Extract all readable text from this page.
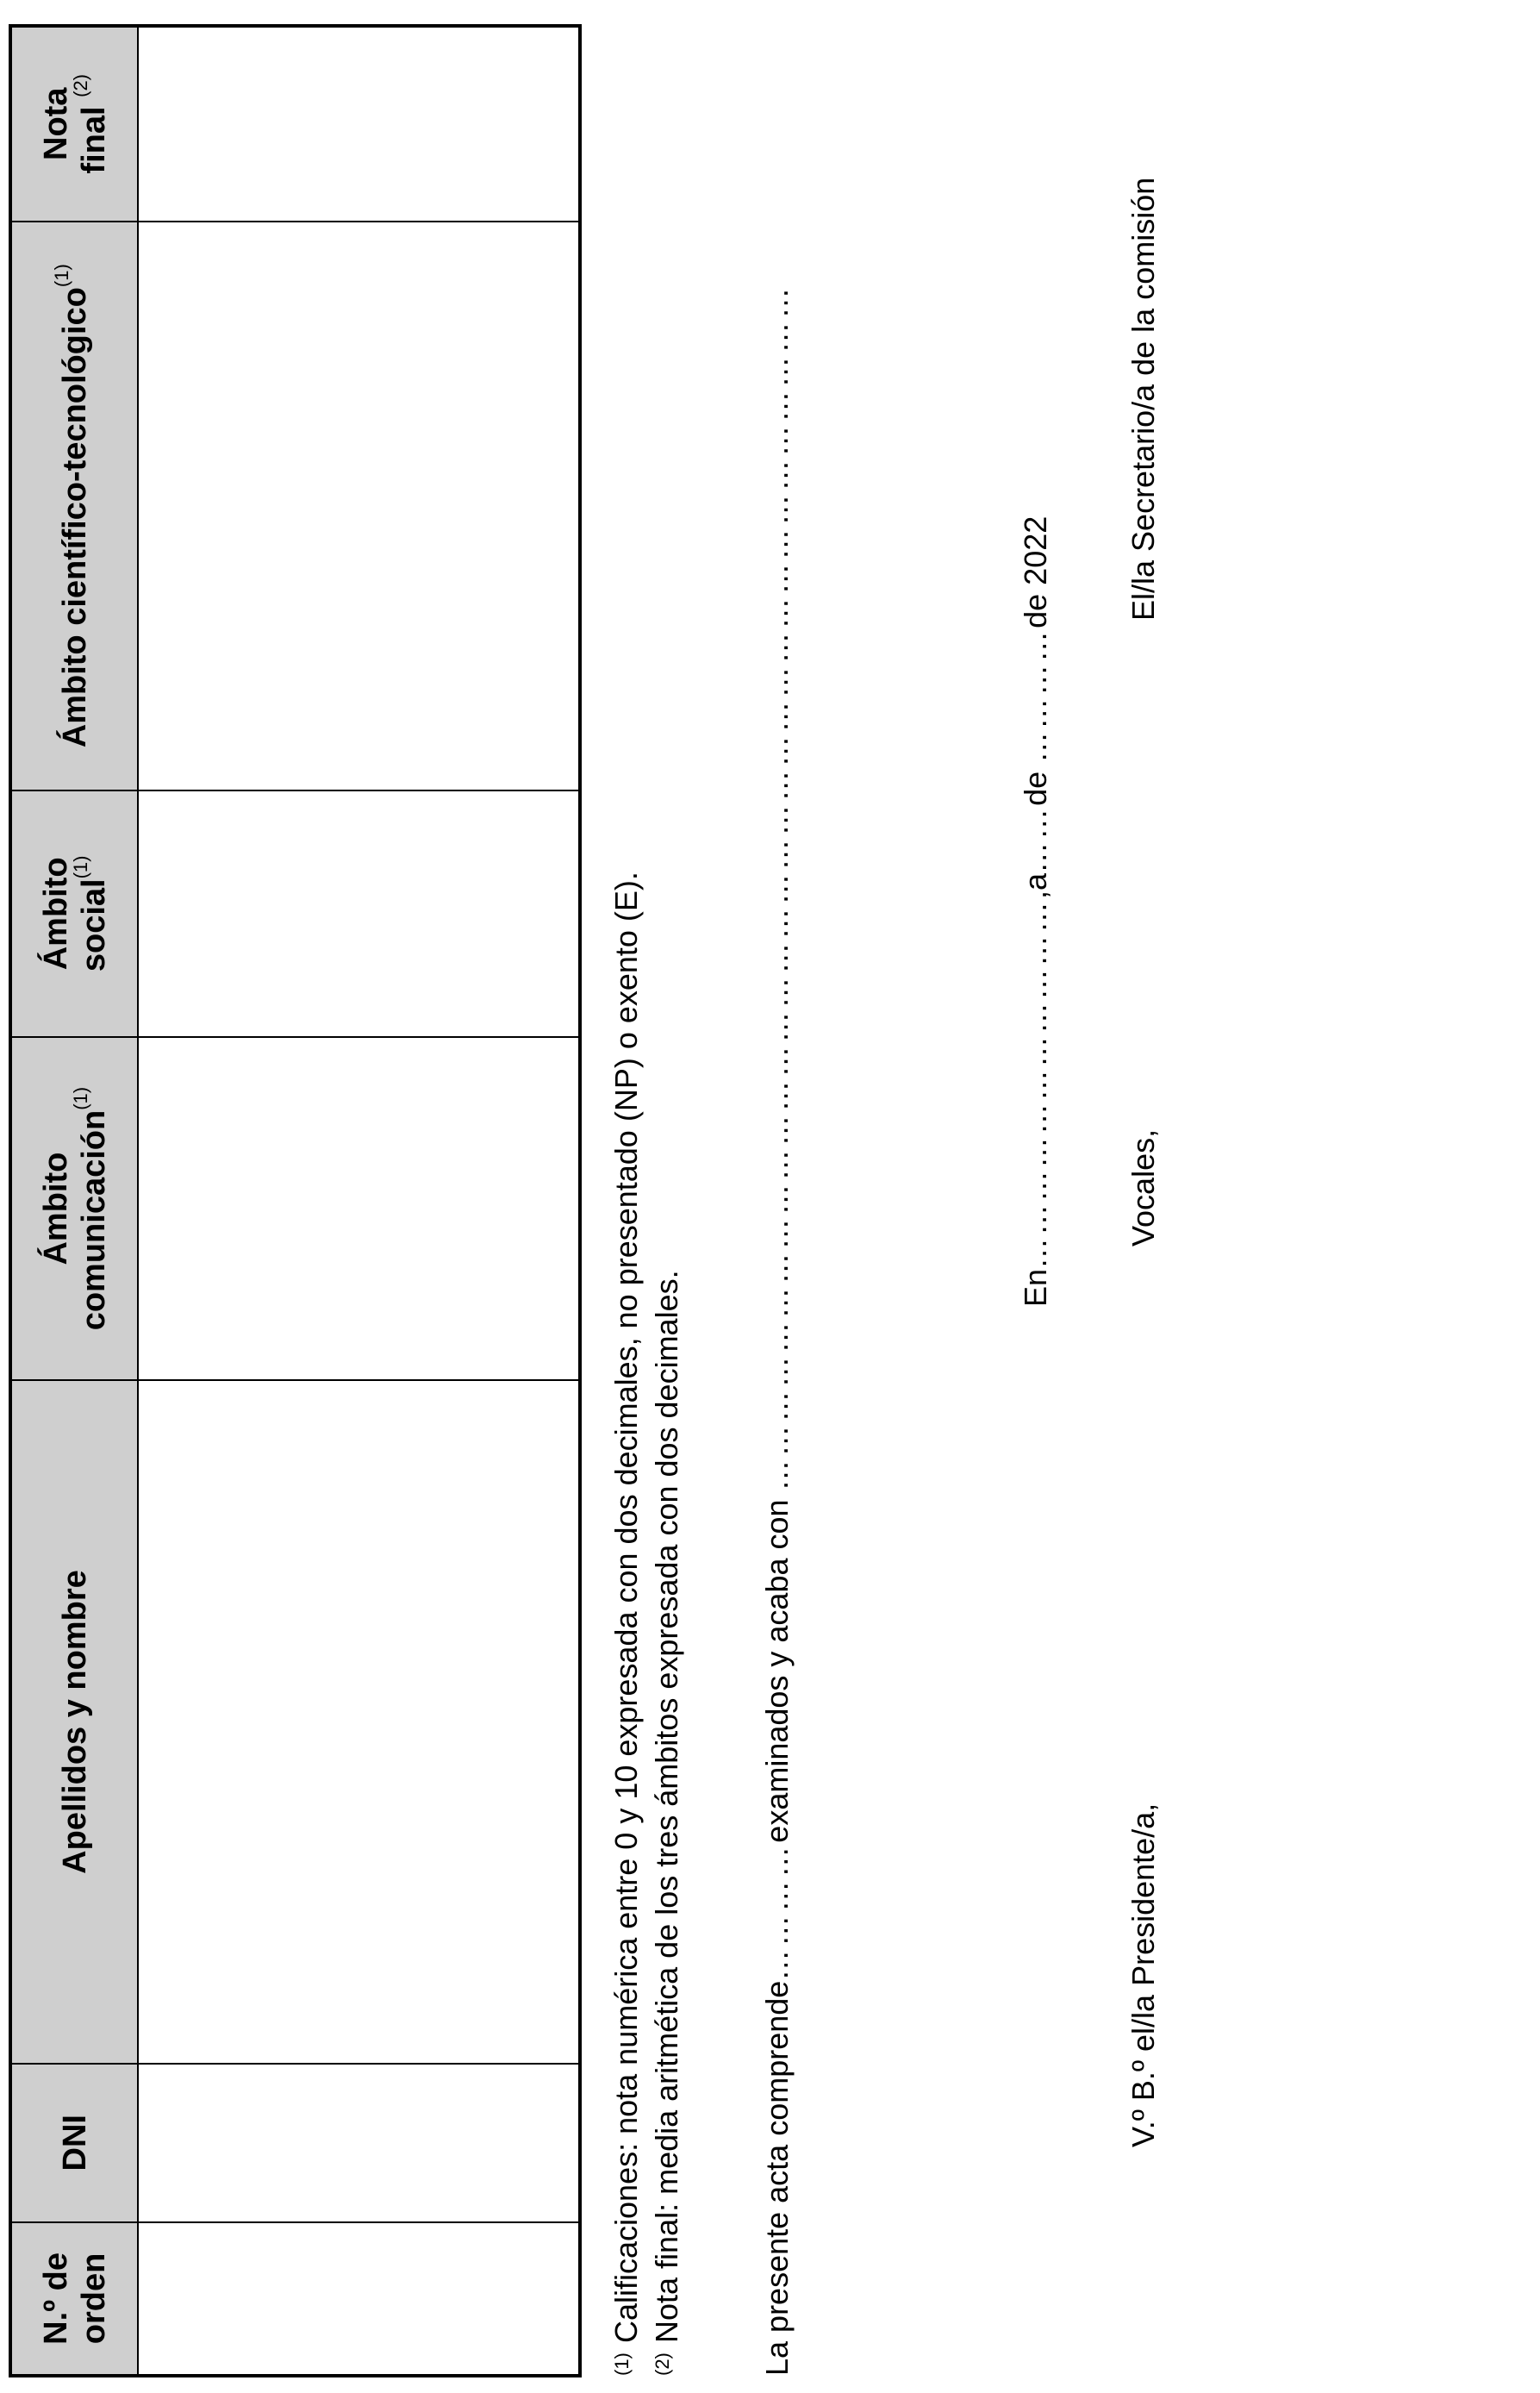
N.º de
orden	DNI	Apellidos y nombre	Ámbito
comunicación$^{(1)}$	Ámbito
social$^{(1)}$	Ámbito científico-tecnológico$^{(1)}$	Nota
final $^{(2)}$

(1)Calificaciones: nota numérica entre 0 y 10 expresada con dos decimales, no presentado (NP) o exento (E).
(2)Nota final: media aritmética de los tres ámbitos expresada con dos decimales. La presente acta comprende…………examinados y acaba con ……………………………………………………………………………………………	En……………………………,a……de …………de 2022
V.º B.º el/la Presidente/a,
Vocales,
El/la Secretario/a de la comisión
